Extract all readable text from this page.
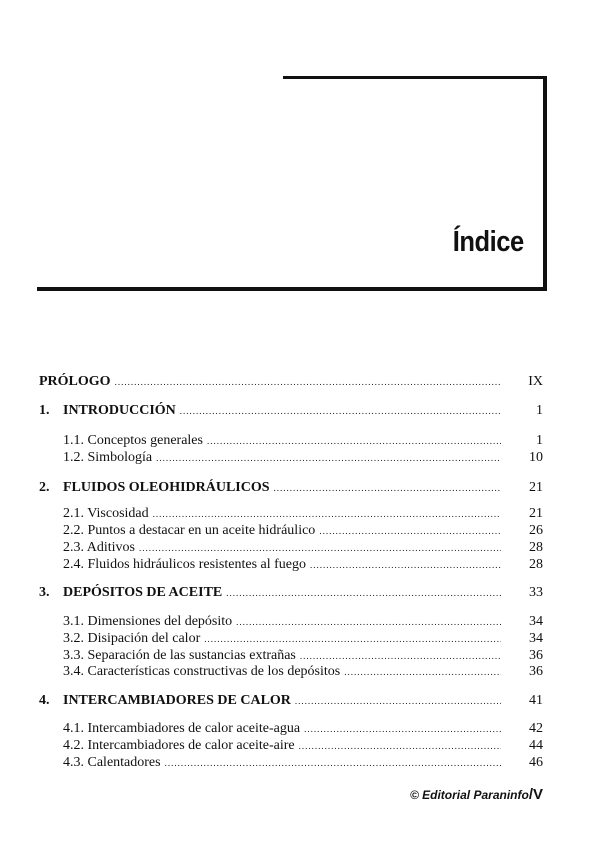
Índice
PRÓLOGO .....	IX
1. INTRODUCCIÓN .....	1
1.1. Conceptos generales .....	1
1.2. Simbología .....	10
2. FLUIDOS OLEOHIDRÁULICOS .....	21
2.1. Viscosidad .....	21
2.2. Puntos a destacar en un aceite hidráulico .....	26
2.3. Aditivos .....	28
2.4. Fluidos hidráulicos resistentes al fuego .....	28
3. DEPÓSITOS DE ACEITE .....	33
3.1. Dimensiones del depósito .....	34
3.2. Disipación del calor .....	34
3.3. Separación de las sustancias extrañas .....	36
3.4. Características constructivas de los depósitos .....	36
4. INTERCAMBIADORES DE CALOR .....	41
4.1. Intercambiadores de calor aceite-agua .....	42
4.2. Intercambiadores de calor aceite-aire .....	44
4.3. Calentadores .....	46
© Editorial Paraninfo/V
